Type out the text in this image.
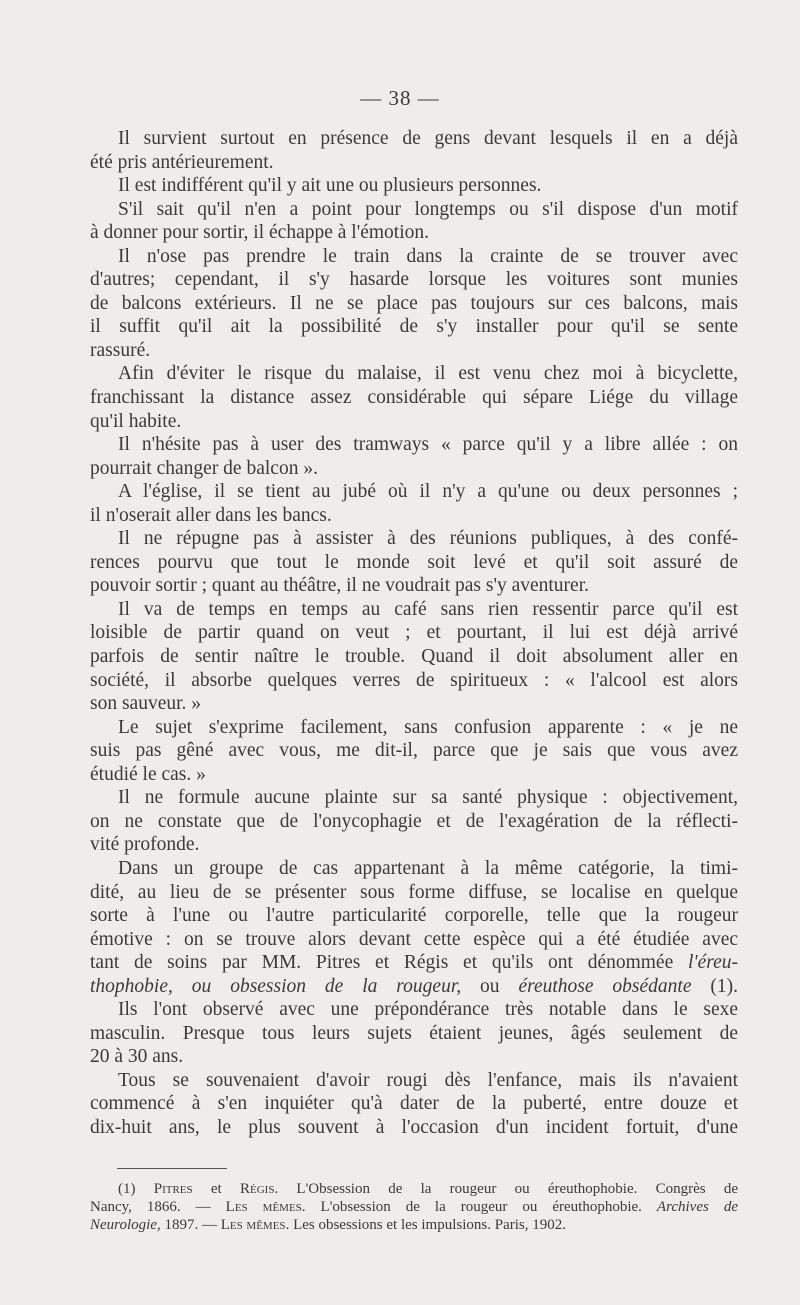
— 38 —
Il survient surtout en présence de gens devant lesquels il en a déjà
été pris antérieurement.
Il est indifférent qu'il y ait une ou plusieurs personnes.
S'il sait qu'il n'en a point pour longtemps ou s'il dispose d'un motif
à donner pour sortir, il échappe à l'émotion.
Il n'ose pas prendre le train dans la crainte de se trouver avec
d'autres; cependant, il s'y hasarde lorsque les voitures sont munies
de balcons extérieurs. Il ne se place pas toujours sur ces balcons, mais
il suffit qu'il ait la possibilité de s'y installer pour qu'il se sente
rassuré.
Afin d'éviter le risque du malaise, il est venu chez moi à bicyclette,
franchissant la distance assez considérable qui sépare Liége du village
qu'il habite.
Il n'hésite pas à user des tramways « parce qu'il y a libre allée : on
pourrait changer de balcon ».
A l'église, il se tient au jubé où il n'y a qu'une ou deux personnes ;
il n'oserait aller dans les bancs.
Il ne répugne pas à assister à des réunions publiques, à des confé-
rences pourvu que tout le monde soit levé et qu'il soit assuré de
pouvoir sortir ; quant au théâtre, il ne voudrait pas s'y aventurer.
Il va de temps en temps au café sans rien ressentir parce qu'il est
loisible de partir quand on veut ; et pourtant, il lui est déjà arrivé
parfois de sentir naître le trouble. Quand il doit absolument aller en
société, il absorbe quelques verres de spiritueux : « l'alcool est alors
son sauveur. »
Le sujet s'exprime facilement, sans confusion apparente : « je ne
suis pas gêné avec vous, me dit-il, parce que je sais que vous avez
étudié le cas. »
Il ne formule aucune plainte sur sa santé physique : objectivement,
on ne constate que de l'onycophagie et de l'exagération de la réflecti-
vité profonde.
Dans un groupe de cas appartenant à la même catégorie, la timi-
dité, au lieu de se présenter sous forme diffuse, se localise en quelque
sorte à l'une ou l'autre particularité corporelle, telle que la rougeur
émotive : on se trouve alors devant cette espèce qui a été étudiée avec
tant de soins par MM. Pitres et Régis et qu'ils ont dénommée l'éreu-
thophobie, ou obsession de la rougeur, ou éreuthose obsédante (1).
Ils l'ont observé avec une prépondérance très notable dans le sexe
masculin. Presque tous leurs sujets étaient jeunes, âgés seulement de
20 à 30 ans.
Tous se souvenaient d'avoir rougi dès l'enfance, mais ils n'avaient
commencé à s'en inquiéter qu'à dater de la puberté, entre douze et
dix-huit ans, le plus souvent à l'occasion d'un incident fortuit, d'une
(1) Pitres et Régis. L'Obsession de la rougeur ou éreuthophobie. Congrès de
Nancy, 1866. — Les mêmes. L'obsession de la rougeur ou éreuthophobie. Archives de
Neurologie, 1897. — Les mêmes. Les obsessions et les impulsions. Paris, 1902.
